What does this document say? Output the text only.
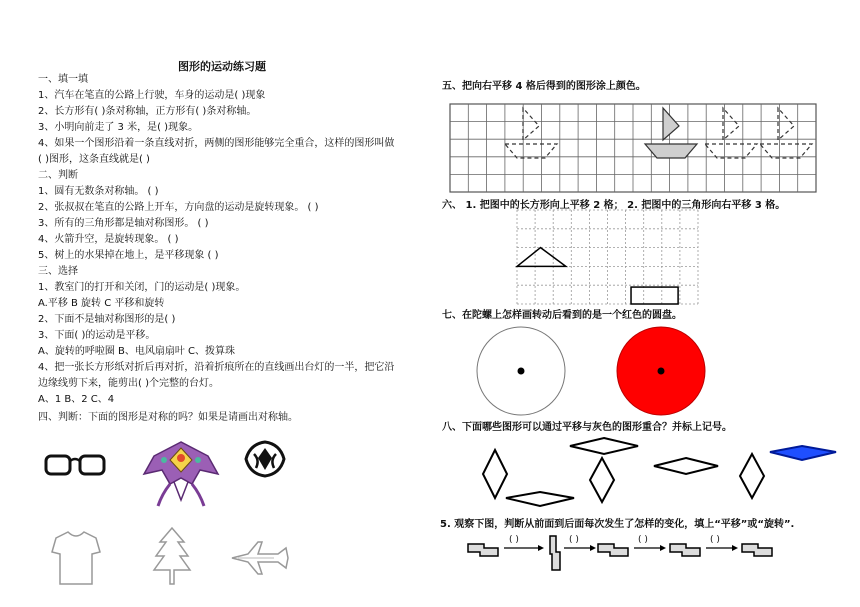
图形的运动练习题
一、填一填
1、汽车在笔直的公路上行驶，车身的运动是( )现象
2、长方形有( )条对称轴，正方形有( )条对称轴。
3、小明向前走了 3 米，是( )现象。
4、如果一个图形沿着一条直线对折，两侧的图形能够完全重合，这样的图形叫做
( )图形，这条直线就是( )
二、判断
1、圆有无数条对称轴。 ( )
2、张叔叔在笔直的公路上开车，方向盘的运动是旋转现象。 ( )
3、所有的三角形都是轴对称图形。 ( )
4、火箭升空，是旋转现象。 ( )
5、树上的水果掉在地上，是平移现象 ( )
三、选择
1、教室门的打开和关闭，门的运动是( )现象。
A.平移 B 旋转 C 平移和旋转
2、下面不是轴对称图形的是( )
3、下面( )的运动是平移。
A、旋转的呼啦圈 B、电风扇扇叶 C、拨算珠
4、把一张长方形纸对折后再对折，沿着折痕所在的直线画出台灯的一半，把它沿
边缘线剪下来，能剪出( )个完整的台灯。
A、1 B、2 C、4
四、判断：下面的图形是对称的吗？如果是请画出对称轴。
五、把向右平移 4 格后得到的图形涂上颜色。
六、 1. 把图中的长方形向上平移 2 格； 2. 把图中的三角形向右平移 3 格。
七、在陀螺上怎样画转动后看到的是一个红色的圆盘。
八、下面哪些图形可以通过平移与灰色的图形重合？并标上记号。
5. 观察下图，判断从前面到后面每次发生了怎样的变化，填上“平移”或“旋转”.
( )	( )	( )	( )
